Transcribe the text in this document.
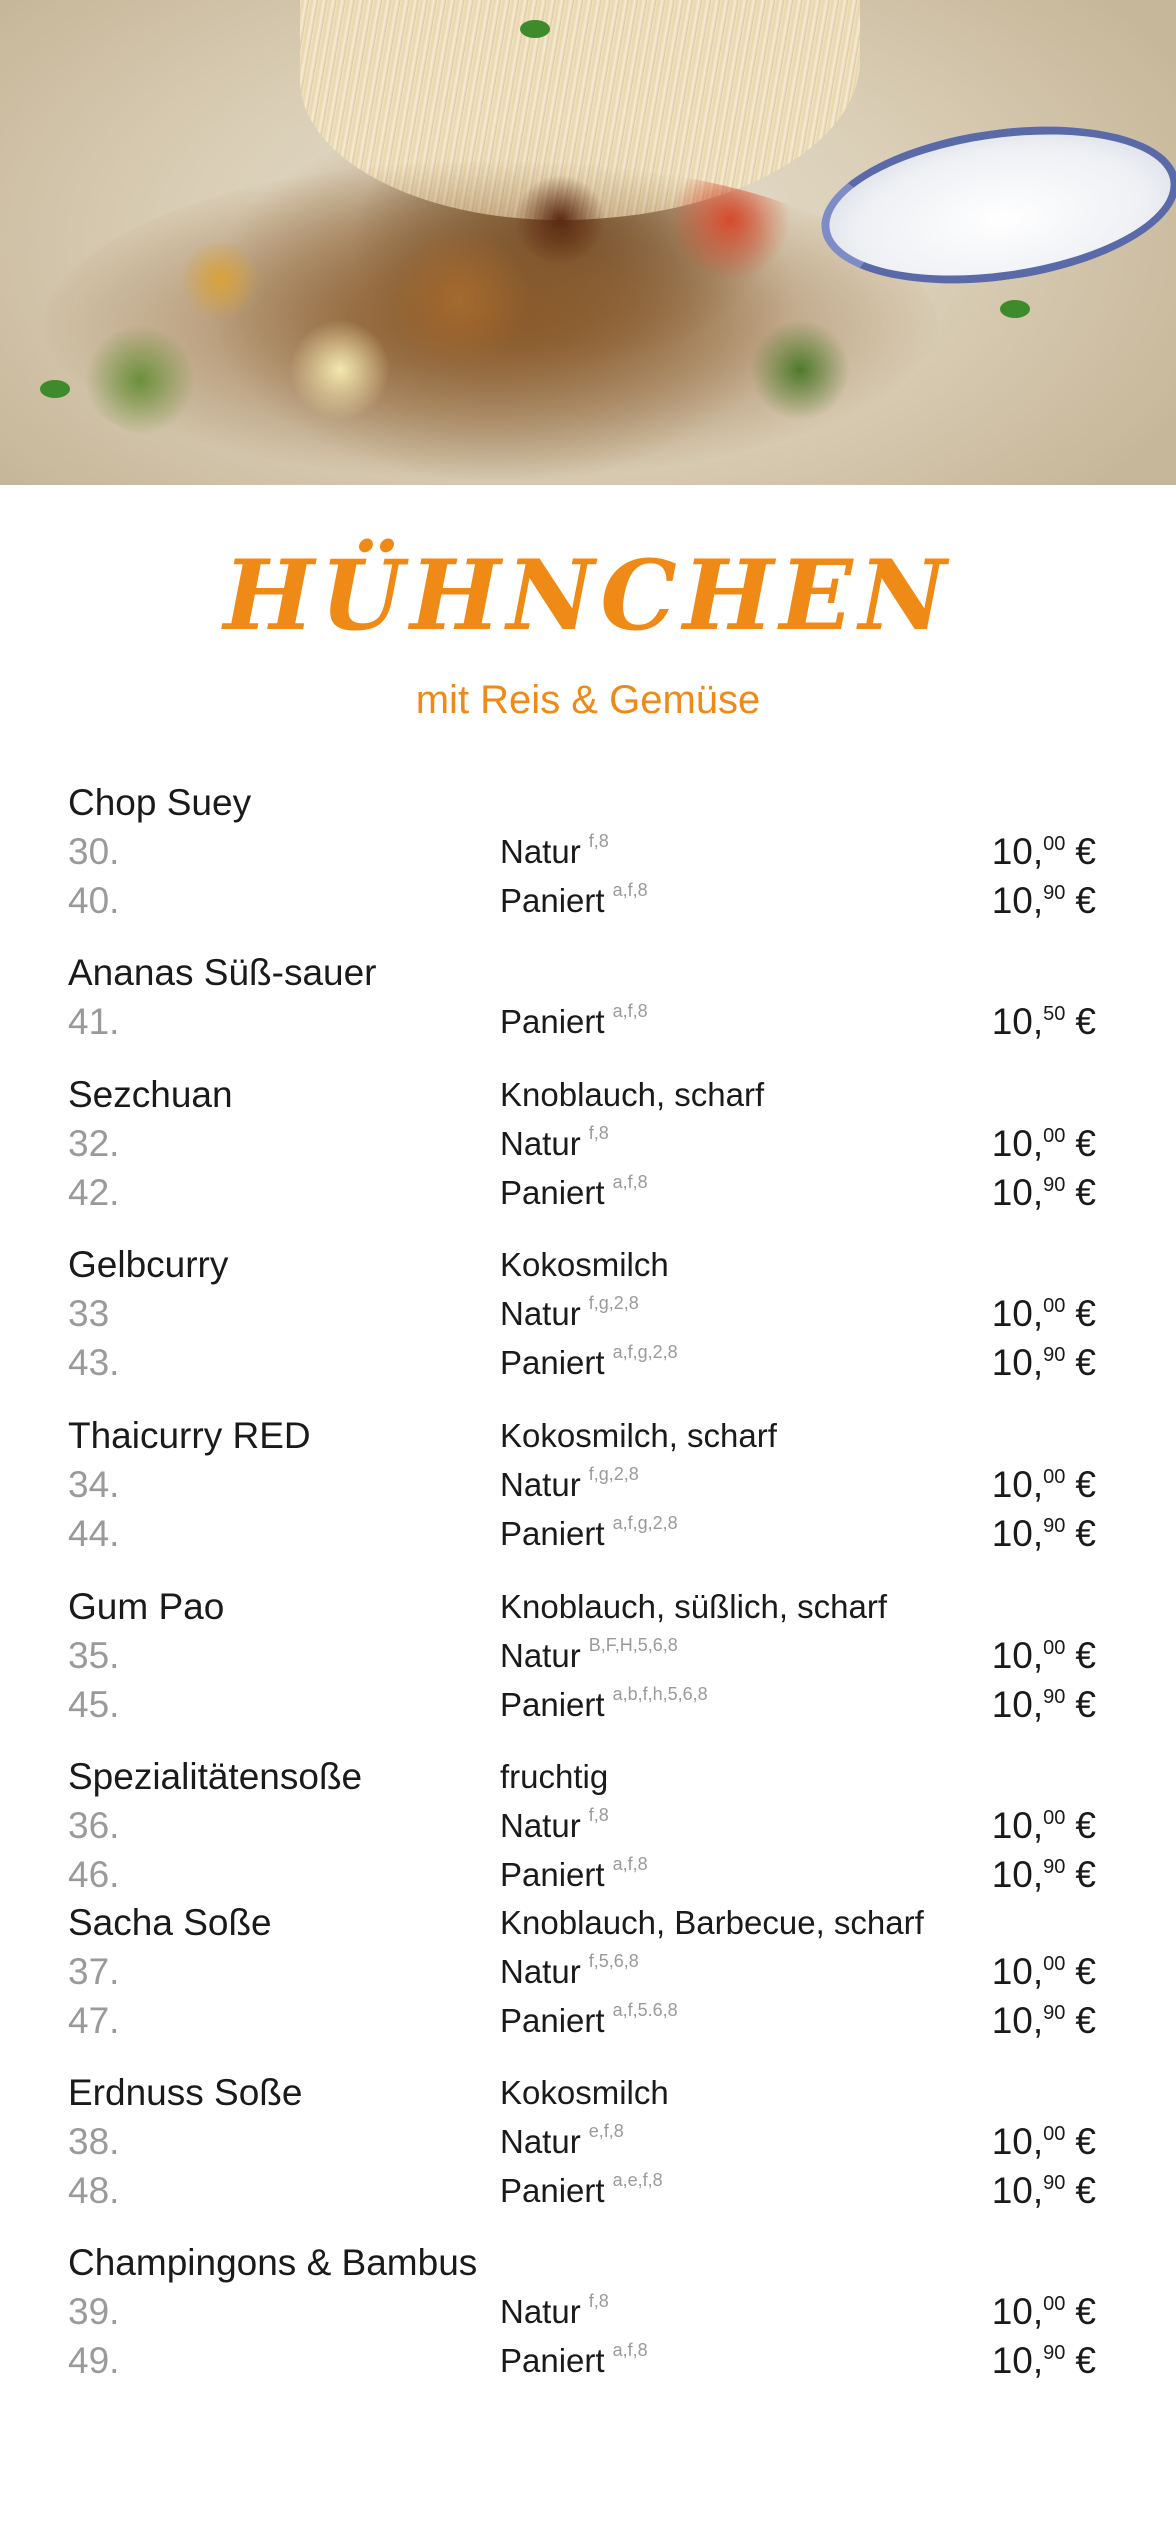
HÜHNCHEN
mit Reis & Gemüse
Chop Suey
30.	Natur $^{f,8}$	10,00 €
40.	Paniert $^{a,f,8}$	10,90 €
Ananas Süß-sauer
41.	Paniert $^{a,f,8}$	10,50 €
Sezchuan	Knoblauch, scharf
32.	Natur $^{f,8}$	10,00 €
42.	Paniert $^{a,f,8}$	10,90 €
Gelbcurry	Kokosmilch
33	Natur $^{f,g,2,8}$	10,00 €
43.	Paniert $^{a,f,g,2,8}$	10,90 €
Thaicurry RED	Kokosmilch, scharf
34.	Natur $^{f,g,2,8}$	10,00 €
44.	Paniert $^{a,f,g,2,8}$	10,90 €
Gum Pao	Knoblauch, süßlich, scharf
35.	Natur $^{B,F,H,5,6,8}$	10,00 €
45.	Paniert $^{a,b,f,h,5,6,8}$	10,90 €
Spezialitätensoße	fruchtig
36.	Natur $^{f,8}$	10,00 €
46.	Paniert $^{a,f,8}$	10,90 €
Sacha Soße	Knoblauch, Barbecue, scharf
37.	Natur $^{f,5,6,8}$	10,00 €
47.	Paniert $^{a,f,5.6,8}$	10,90 €
Erdnuss Soße	Kokosmilch
38.	Natur $^{e,f,8}$	10,00 €
48.	Paniert $^{a,e,f,8}$	10,90 €
Champingons & Bambus
39.	Natur $^{f,8}$	10,00 €
49.	Paniert $^{a,f,8}$	10,90 €
